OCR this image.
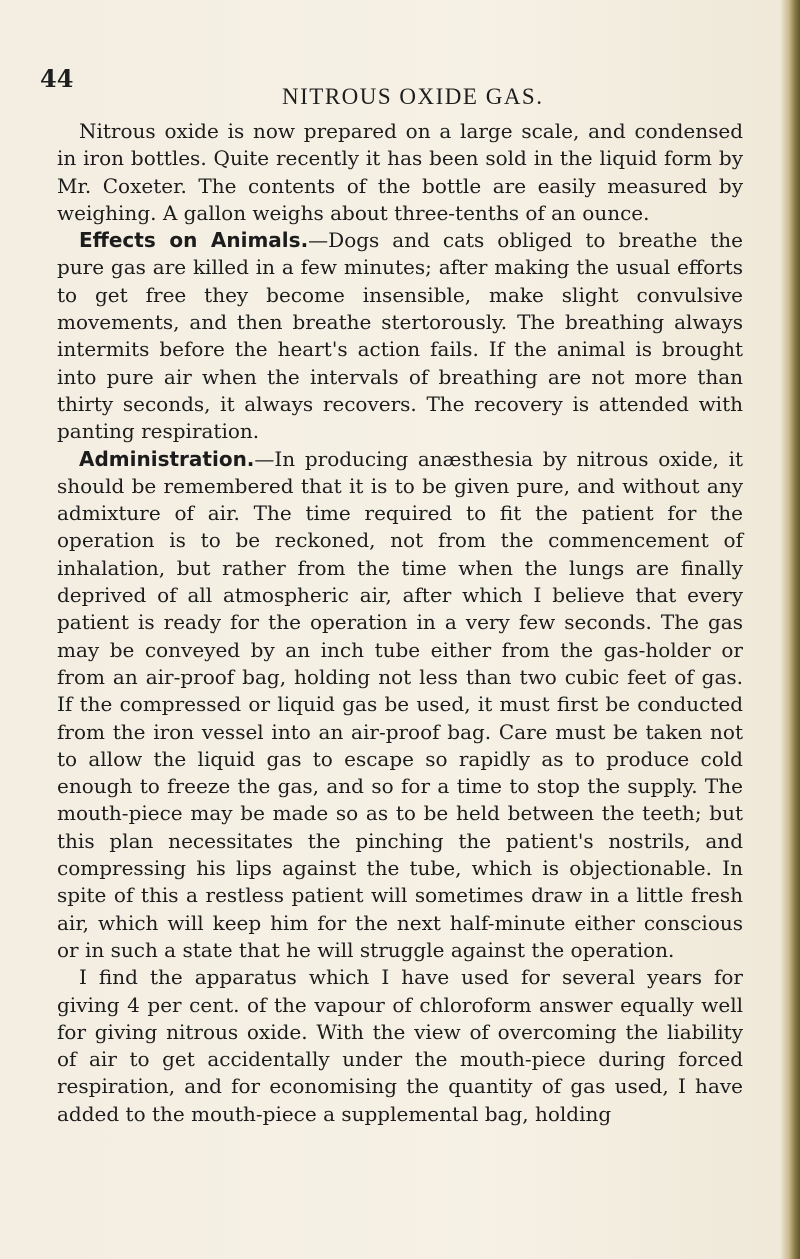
44
NITROUS OXIDE GAS.

Nitrous oxide is now prepared on a large scale, and condensed in iron bottles. Quite recently it has been sold in the liquid form by Mr. Coxeter. The contents of the bottle are easily measured by weighing. A gallon weighs about three-tenths of an ounce.

Effects on Animals.—Dogs and cats obliged to breathe the pure gas are killed in a few minutes; after making the usual efforts to get free they become insensible, make slight convulsive movements, and then breathe stertorously. The breathing always intermits before the heart's action fails. If the animal is brought into pure air when the intervals of breathing are not more than thirty seconds, it always recovers. The recovery is attended with panting respiration.

Administration.—In producing anæsthesia by nitrous oxide, it should be remembered that it is to be given pure, and without any admixture of air. The time required to fit the patient for the operation is to be reckoned, not from the commencement of inhalation, but rather from the time when the lungs are finally deprived of all atmospheric air, after which I believe that every patient is ready for the operation in a very few seconds. The gas may be conveyed by an inch tube either from the gas-holder or from an air-proof bag, holding not less than two cubic feet of gas. If the compressed or liquid gas be used, it must first be conducted from the iron vessel into an air-proof bag. Care must be taken not to allow the liquid gas to escape so rapidly as to produce cold enough to freeze the gas, and so for a time to stop the supply. The mouth-piece may be made so as to be held between the teeth; but this plan necessitates the pinching the patient's nostrils, and compressing his lips against the tube, which is objectionable. In spite of this a restless patient will sometimes draw in a little fresh air, which will keep him for the next half-minute either conscious or in such a state that he will struggle against the operation.

I find the apparatus which I have used for several years for giving 4 per cent. of the vapour of chloroform answer equally well for giving nitrous oxide. With the view of overcoming the liability of air to get accidentally under the mouth-piece during forced respiration, and for economising the quantity of gas used, I have added to the mouth-piece a supplemental bag, holding
